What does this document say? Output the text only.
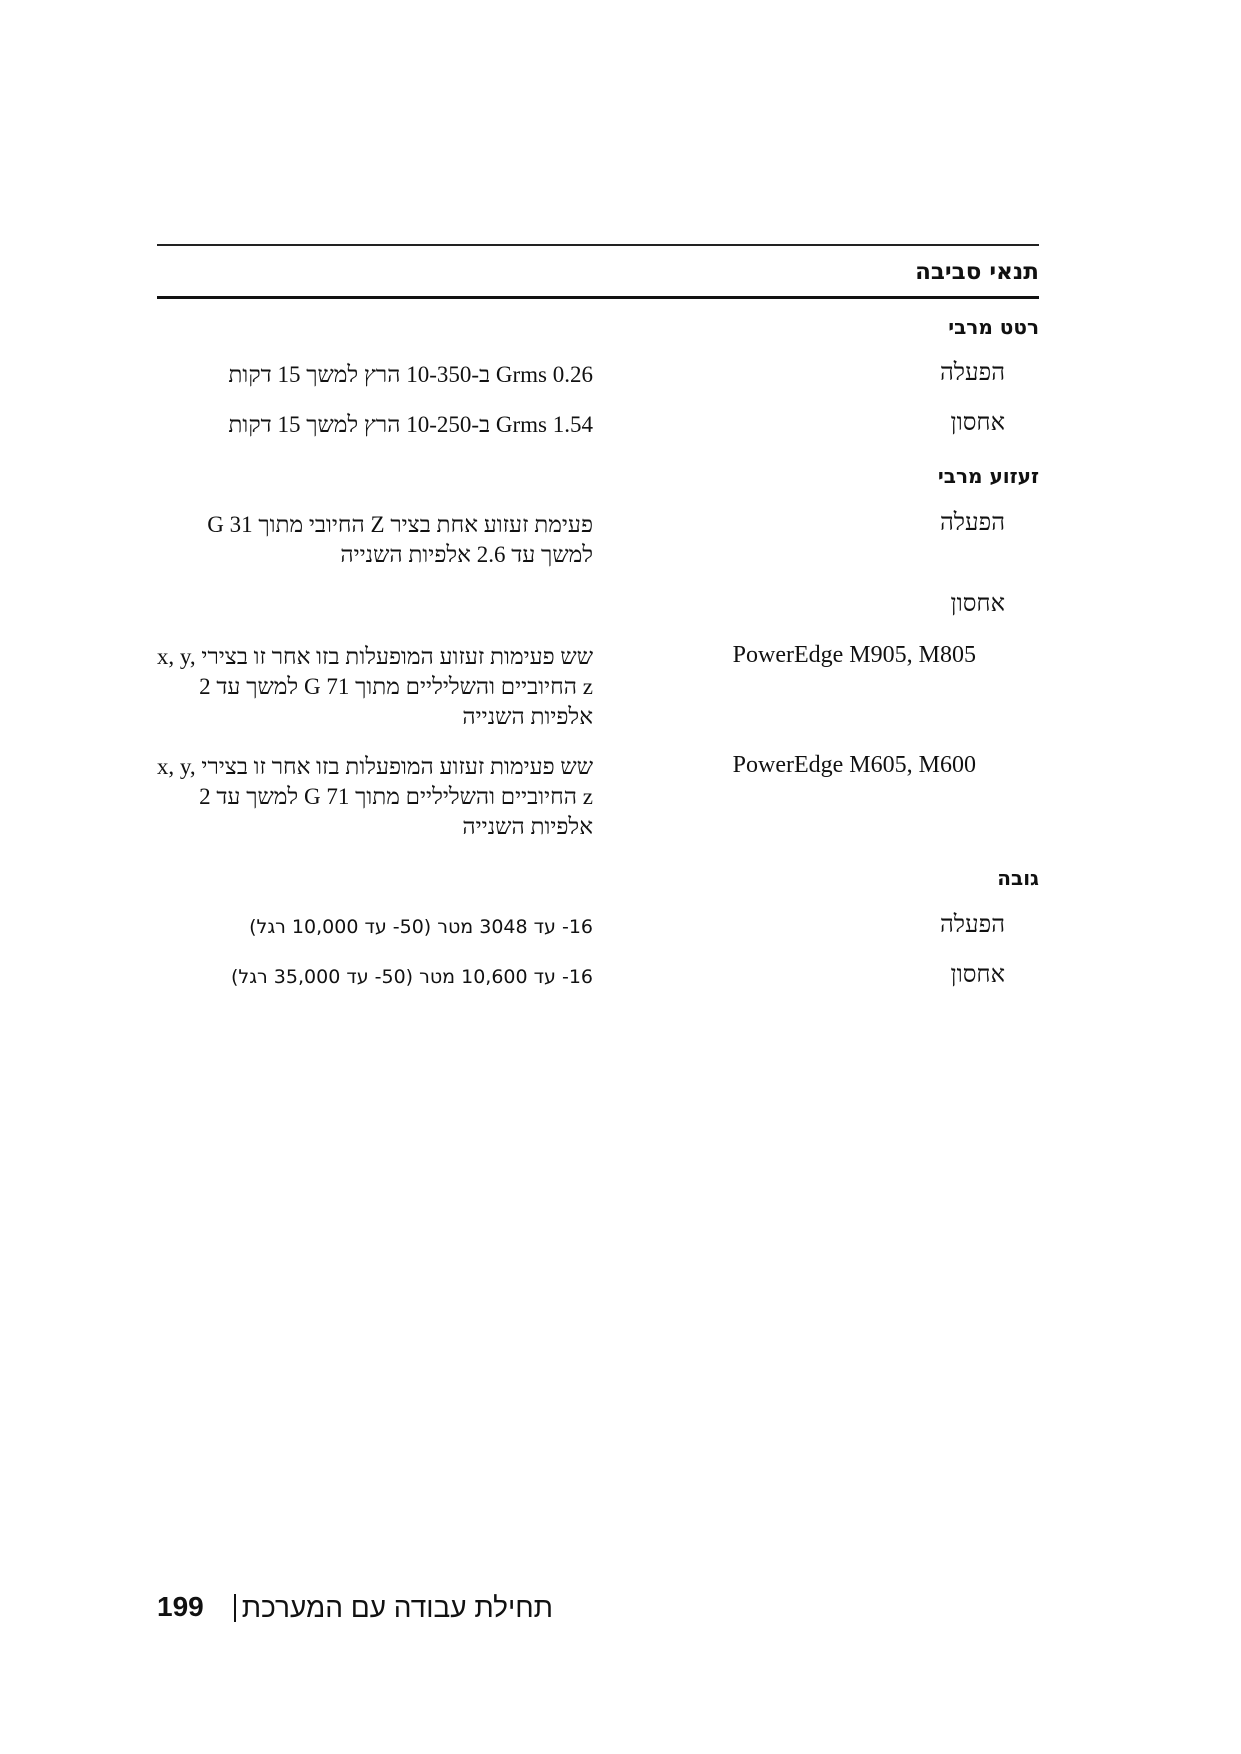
תנאי סביבה
רטט מרבי
הפעלה
0.26 Grms ב-10-350 הרץ למשך 15 דקות
אחסון
1.54 Grms ב-10-250 הרץ למשך 15 דקות
זעזוע מרבי
הפעלה
פעימת זעזוע אחת בציר Z החיובי מתוך 31 G למשך עד 2.6 אלפיות השנייה
אחסון
PowerEdge M905, M805
שש פעימות זעזוע המופעלות בזו אחר זו בצירי x, y, z החיוביים והשליליים מתוך 71 G למשך עד 2 אלפיות השנייה
PowerEdge M605, M600
שש פעימות זעזוע המופעלות בזו אחר זו בצירי x, y, z החיוביים והשליליים מתוך 71 G למשך עד 2 אלפיות השנייה
גובה
הפעלה
16- עד 3048 מטר (50- עד 10,000 רגל)
אחסון
16- עד 10,600 מטר (50- עד 35,000 רגל)
199 תחילת עבודה עם המערכת
